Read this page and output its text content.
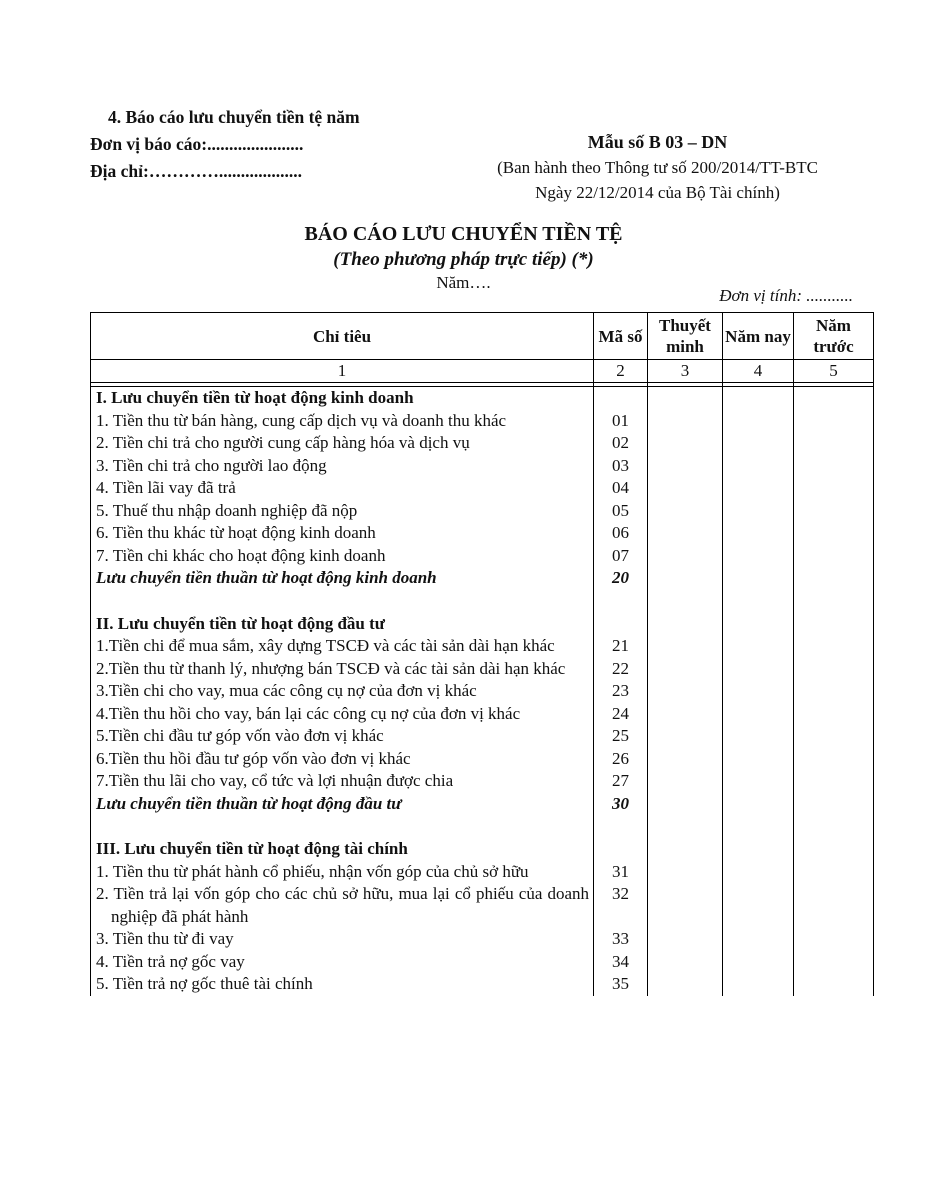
4. Báo cáo lưu chuyển tiền tệ năm
Đơn vị báo cáo:......................
Địa chỉ:…………...................
Mẫu số B 03 – DN
(Ban hành theo Thông tư số 200/2014/TT-BTC
Ngày 22/12/2014 của Bộ Tài chính)
BÁO CÁO LƯU CHUYỂN TIỀN TỆ
(Theo phương pháp trực tiếp) (*)
Năm….
Đơn vị tính: ...........
Chỉ tiêu	Mã số	Thuyết minh	Năm nay	Năm trước
1	2	3	4	5

I. Lưu chuyển tiền từ hoạt động kinh doanh				
1. Tiền thu từ bán hàng, cung cấp dịch vụ và doanh thu khác	01			
2. Tiền chi trả cho người cung cấp hàng hóa và dịch vụ	02			
3. Tiền chi trả cho người lao động	03			
4. Tiền lãi vay đã trả	04			
5. Thuế thu nhập doanh nghiệp đã nộp	05			
6. Tiền thu khác từ hoạt động kinh doanh	06			
7. Tiền chi khác cho hoạt động kinh doanh	07			
Lưu chuyển tiền thuần từ hoạt động kinh doanh	20			

II. Lưu chuyển tiền từ hoạt động đầu tư				
1.Tiền chi để mua sắm, xây dựng TSCĐ và các tài sản dài hạn khác	21			
2.Tiền thu từ thanh lý, nhượng bán TSCĐ và các tài sản dài hạn khác	22			
3.Tiền chi cho vay, mua các công cụ nợ của đơn vị khác	23			
4.Tiền thu hồi cho vay, bán lại các công cụ nợ của đơn vị khác	24			
5.Tiền chi đầu tư góp vốn vào đơn vị khác	25			
6.Tiền thu hồi đầu tư góp vốn vào đơn vị khác	26			
7.Tiền thu lãi cho vay, cổ tức và lợi nhuận được chia	27			
Lưu chuyển tiền thuần từ hoạt động đầu tư	30			

III. Lưu chuyển tiền từ hoạt động tài chính				
1. Tiền thu từ phát hành cổ phiếu, nhận vốn góp của chủ sở hữu	31			
2. Tiền trả lại vốn góp cho các chủ sở hữu, mua lại cổ phiếu của doanh nghiệp đã phát hành	32			
3. Tiền thu từ đi vay	33			
4. Tiền trả nợ gốc vay	34			
5. Tiền trả nợ gốc thuê tài chính	35			
